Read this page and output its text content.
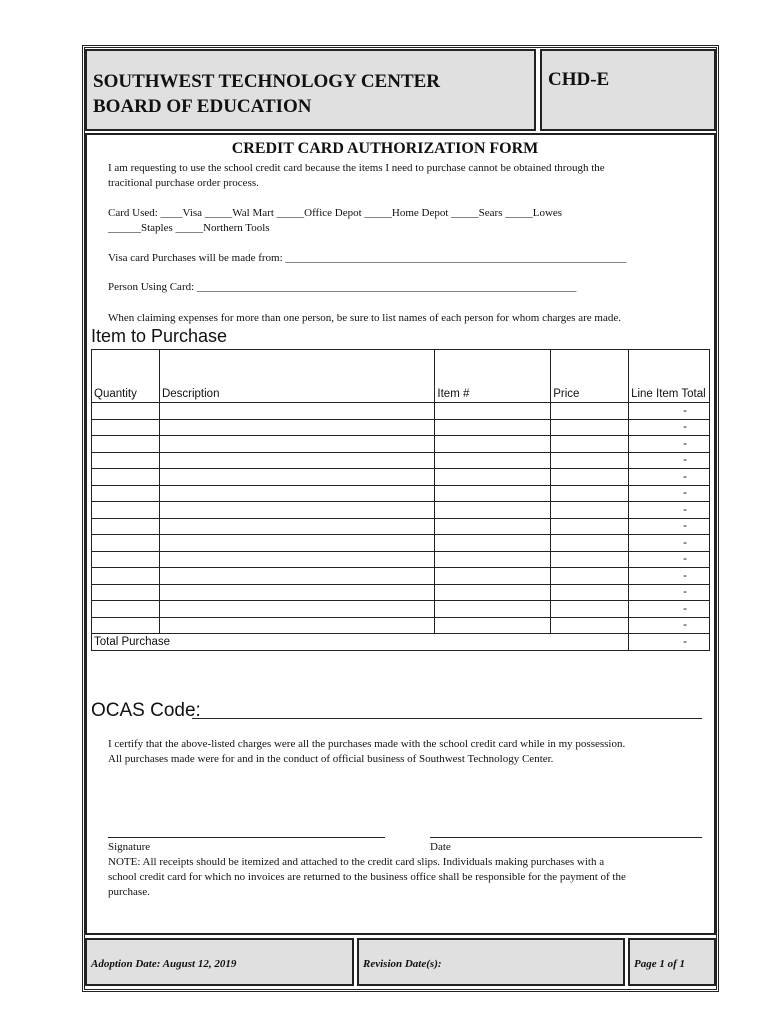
SOUTHWEST TECHNOLOGY CENTER
BOARD OF EDUCATION
CHD-E
CREDIT CARD AUTHORIZATION FORM
I am requesting to use the school credit card because the items I need to purchase cannot be obtained through the
tracitional purchase order process.
Card Used: ____Visa _____Wal Mart _____Office Depot _____Home Depot _____Sears _____Lowes
______Staples _____Northern Tools
Visa card Purchases will be made from: ______________________________________________________________
Person Using Card: _____________________________________________________________________
When claiming expenses for more than one person, be sure to list names of each person for whom charges are made.
Item to Purchase
Quantity	Description	Item #	Price	Line Item Total
				-
				-
				-
				-
				-
				-
				-
				-
				-
				-
				-
				-
				-
				-
Total Purchase				-
OCAS Code:
I certify that the above-listed charges were all the purchases made with the school credit card while in my possession.
All purchases made were for and in the conduct of official business of Southwest Technology Center.
Signature	Date
NOTE: All receipts should be itemized and attached to the credit card slips. Individuals making purchases with a
school credit card for which no invoices are returned to the business office shall be responsible for the payment of the
purchase.
Adoption Date: August 12, 2019	Revision Date(s):	Page 1 of 1
